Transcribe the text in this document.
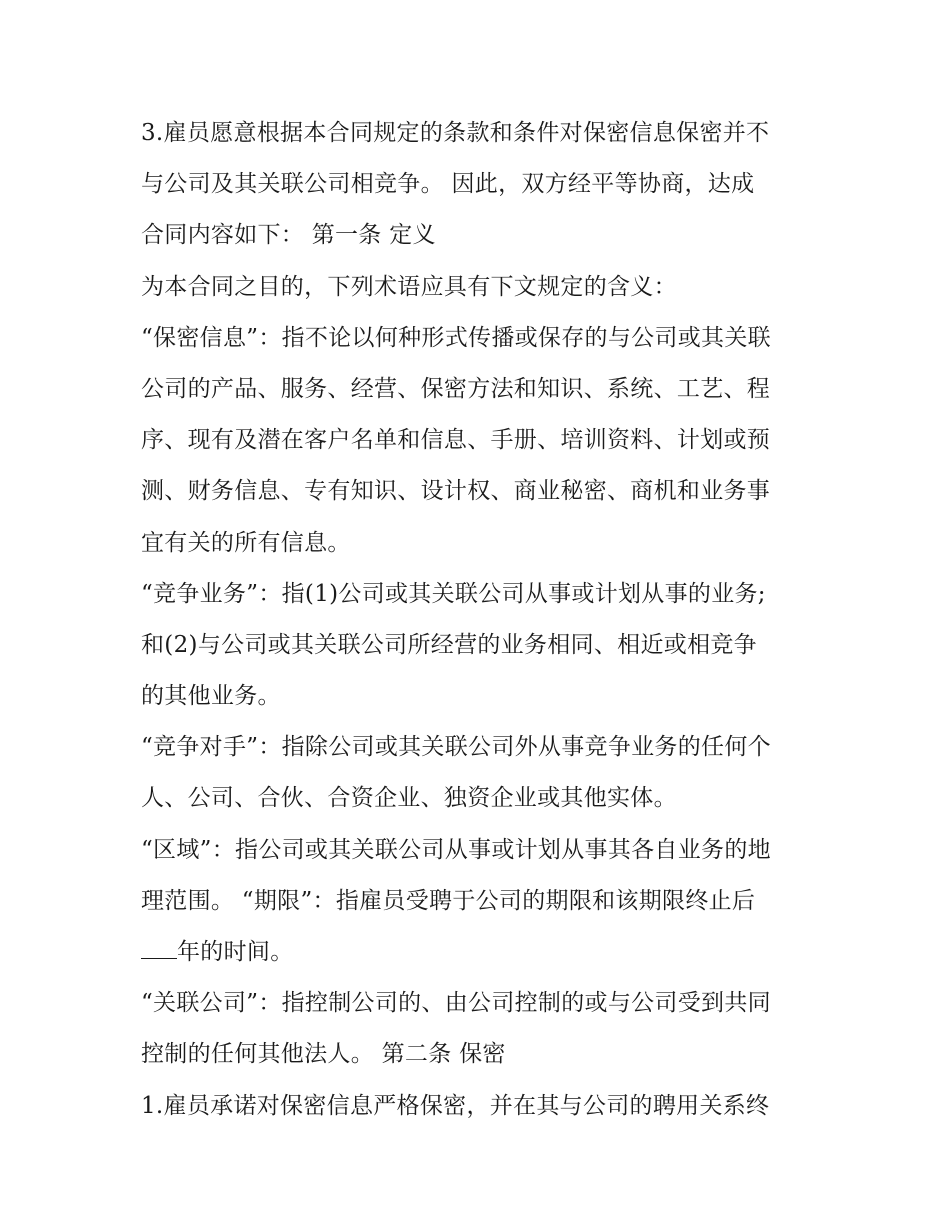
3.雇员愿意根据本合同规定的条款和条件对保密信息保密并不
与公司及其关联公司相竞争。 因此，双方经平等协商，达成
合同内容如下： 第一条 定义
为本合同之目的，下列术语应具有下文规定的含义：
“保密信息”：指不论以何种形式传播或保存的与公司或其关联
公司的产品、服务、经营、保密方法和知识、系统、工艺、程
序、现有及潜在客户名单和信息、手册、培训资料、计划或预
测、财务信息、专有知识、设计权、商业秘密、商机和业务事
宜有关的所有信息。
“竞争业务”：指(1)公司或其关联公司从事或计划从事的业务;
和(2)与公司或其关联公司所经营的业务相同、相近或相竞争
的其他业务。
“竞争对手”：指除公司或其关联公司外从事竞争业务的任何个
人、公司、合伙、合资企业、独资企业或其他实体。
“区域”：指公司或其关联公司从事或计划从事其各自业务的地
理范围。 “期限”：指雇员受聘于公司的期限和该期限终止后
年的时间。
“关联公司”：指控制公司的、由公司控制的或与公司受到共同
控制的任何其他法人。 第二条 保密
1.雇员承诺对保密信息严格保密，并在其与公司的聘用关系终
